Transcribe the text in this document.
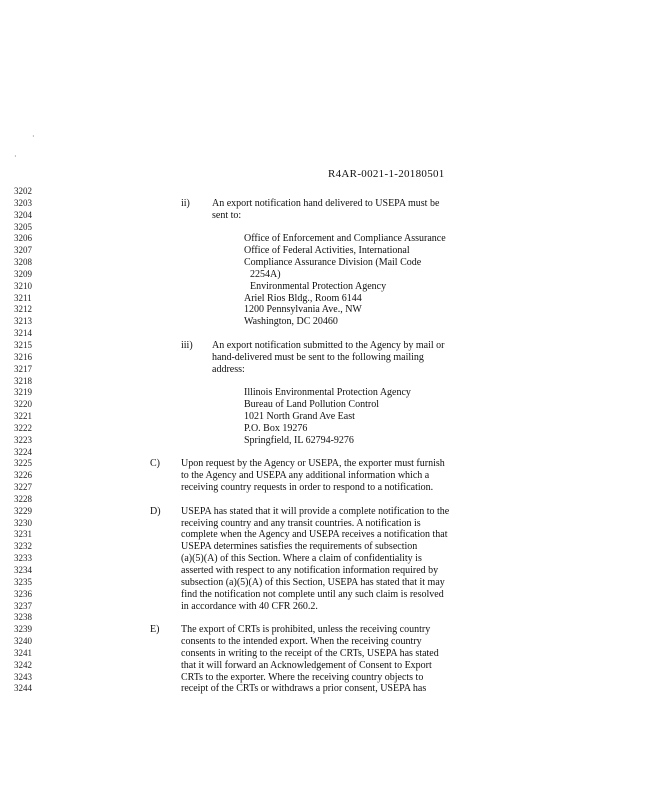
·
·
R4AR-0021-1-20180501
3202
3203	ii) An export notification hand delivered to USEPA must be
3204	sent to:
3205
3206	Office of Enforcement and Compliance Assurance
3207	Office of Federal Activities, International
3208	Compliance Assurance Division (Mail Code
3209	2254A)
3210	Environmental Protection Agency
3211	Ariel Rios Bldg., Room 6144
3212	1200 Pennsylvania Ave., NW
3213	Washington, DC 20460
3214
3215	iii) An export notification submitted to the Agency by mail or
3216	hand-delivered must be sent to the following mailing
3217	address:
3218
3219	Illinois Environmental Protection Agency
3220	Bureau of Land Pollution Control
3221	1021 North Grand Ave East
3222	P.O. Box 19276
3223	Springfield, IL 62794-9276
3224
3225	C) Upon request by the Agency or USEPA, the exporter must furnish
3226	to the Agency and USEPA any additional information which a
3227	receiving country requests in order to respond to a notification.
3228
3229	D) USEPA has stated that it will provide a complete notification to the
3230	receiving country and any transit countries. A notification is
3231	complete when the Agency and USEPA receives a notification that
3232	USEPA determines satisfies the requirements of subsection
3233	(a)(5)(A) of this Section. Where a claim of confidentiality is
3234	asserted with respect to any notification information required by
3235	subsection (a)(5)(A) of this Section, USEPA has stated that it may
3236	find the notification not complete until any such claim is resolved
3237	in accordance with 40 CFR 260.2.
3238
3239	E) The export of CRTs is prohibited, unless the receiving country
3240	consents to the intended export. When the receiving country
3241	consents in writing to the receipt of the CRTs, USEPA has stated
3242	that it will forward an Acknowledgement of Consent to Export
3243	CRTs to the exporter. Where the receiving country objects to
3244	receipt of the CRTs or withdraws a prior consent, USEPA has
